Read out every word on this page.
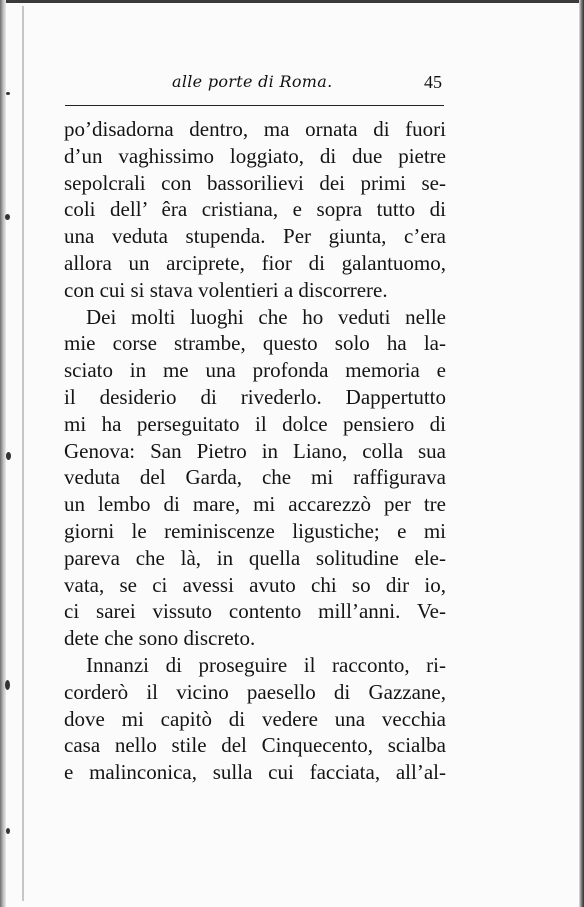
alle porte di Roma.	45
po’disadorna dentro, ma ornata di fuori
d’un vaghissimo loggiato, di due pietre
sepolcrali con bassorilievi dei primi se-
coli dell’ êra cristiana, e sopra tutto di
una veduta stupenda. Per giunta, c’era
allora un arciprete, fior di galantuomo,
con cui si stava volentieri a discorrere.
Dei molti luoghi che ho veduti nelle
mie corse strambe, questo solo ha la-
sciato in me una profonda memoria e
il desiderio di rivederlo. Dappertutto
mi ha perseguitato il dolce pensiero di
Genova: San Pietro in Liano, colla sua
veduta del Garda, che mi raffigurava
un lembo di mare, mi accarezzò per tre
giorni le reminiscenze ligustiche; e mi
pareva che là, in quella solitudine ele-
vata, se ci avessi avuto chi so dir io,
ci sarei vissuto contento mill’anni. Ve-
dete che sono discreto.
Innanzi di proseguire il racconto, ri-
corderò il vicino paesello di Gazzane,
dove mi capitò di vedere una vecchia
casa nello stile del Cinquecento, scialba
e malinconica, sulla cui facciata, all’al-
